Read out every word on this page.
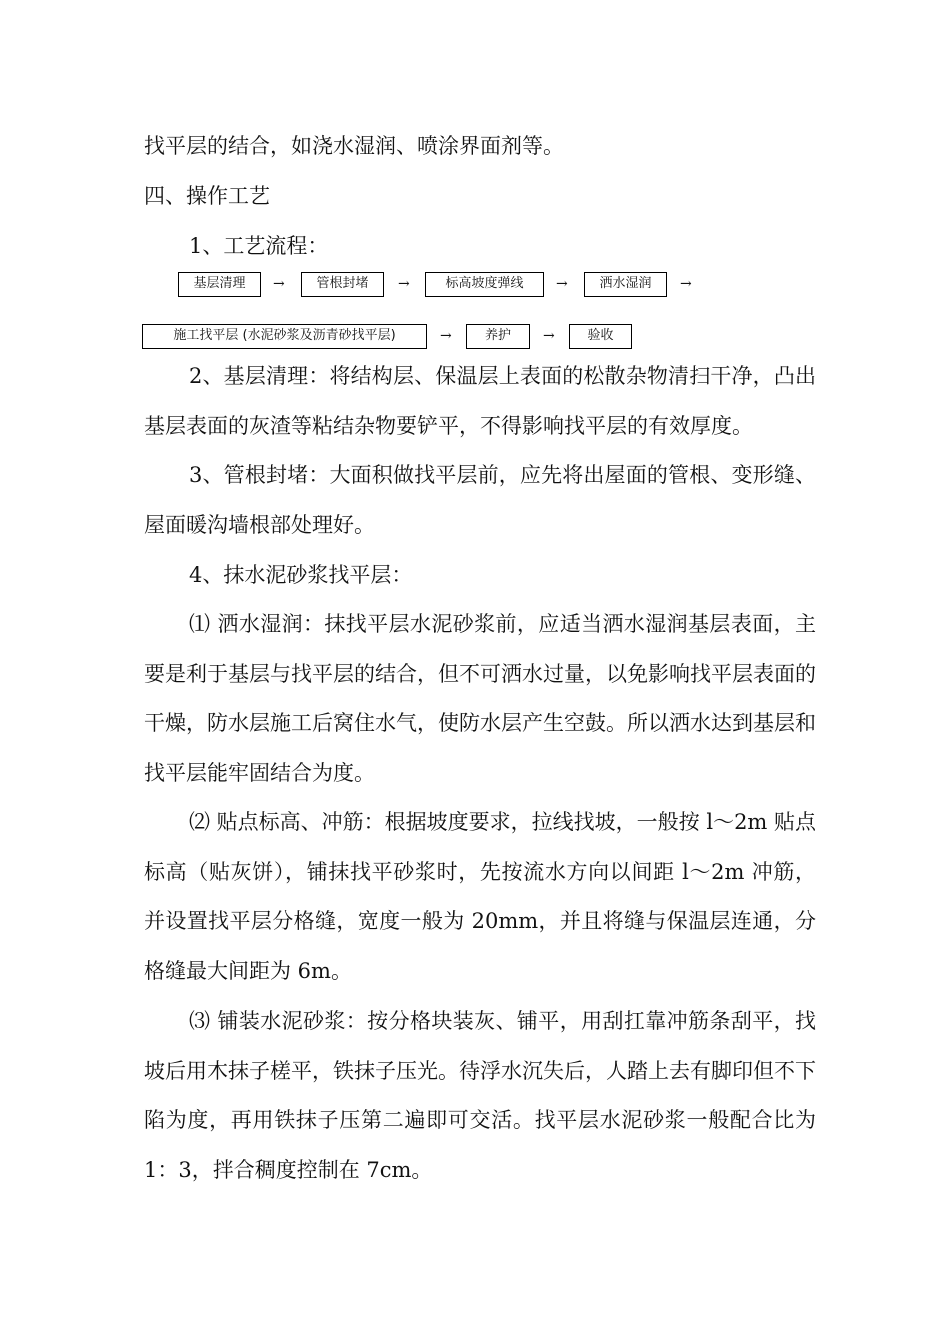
找平层的结合，如浇水湿润、喷涂界面剂等。

四、操作工艺
1、工艺流程：
基层清理	→	管根封堵	→	标高坡度弹线	→	洒水湿润	→
施工找平层 (水泥砂浆及沥青砂找平层)	→	养护	→	验收

2、基层清理：将结构层、保温层上表面的松散杂物清扫干净，凸出基层表面的灰渣等粘结杂物要铲平，不得影响找平层的有效厚度。

3、管根封堵：大面积做找平层前，应先将出屋面的管根、变形缝、屋面暖沟墙根部处理好。

4、抹水泥砂浆找平层：

⑴ 洒水湿润：抹找平层水泥砂浆前，应适当洒水湿润基层表面，主要是利于基层与找平层的结合，但不可洒水过量，以免影响找平层表面的干燥，防水层施工后窝住水气，使防水层产生空鼓。所以洒水达到基层和找平层能牢固结合为度。

⑵ 贴点标高、冲筋：根据坡度要求，拉线找坡，一般按 l～2m 贴点标高（贴灰饼），铺抹找平砂浆时，先按流水方向以间距 l～2m 冲筋，并设置找平层分格缝，宽度一般为 20mm，并且将缝与保温层连通，分格缝最大间距为 6m。

⑶ 铺装水泥砂浆：按分格块装灰、铺平，用刮扛靠冲筋条刮平，找坡后用木抹子槎平，铁抹子压光。待浮水沉失后，人踏上去有脚印但不下陷为度，再用铁抹子压第二遍即可交活。找平层水泥砂浆一般配合比为 1：3，拌合稠度控制在 7cm。
